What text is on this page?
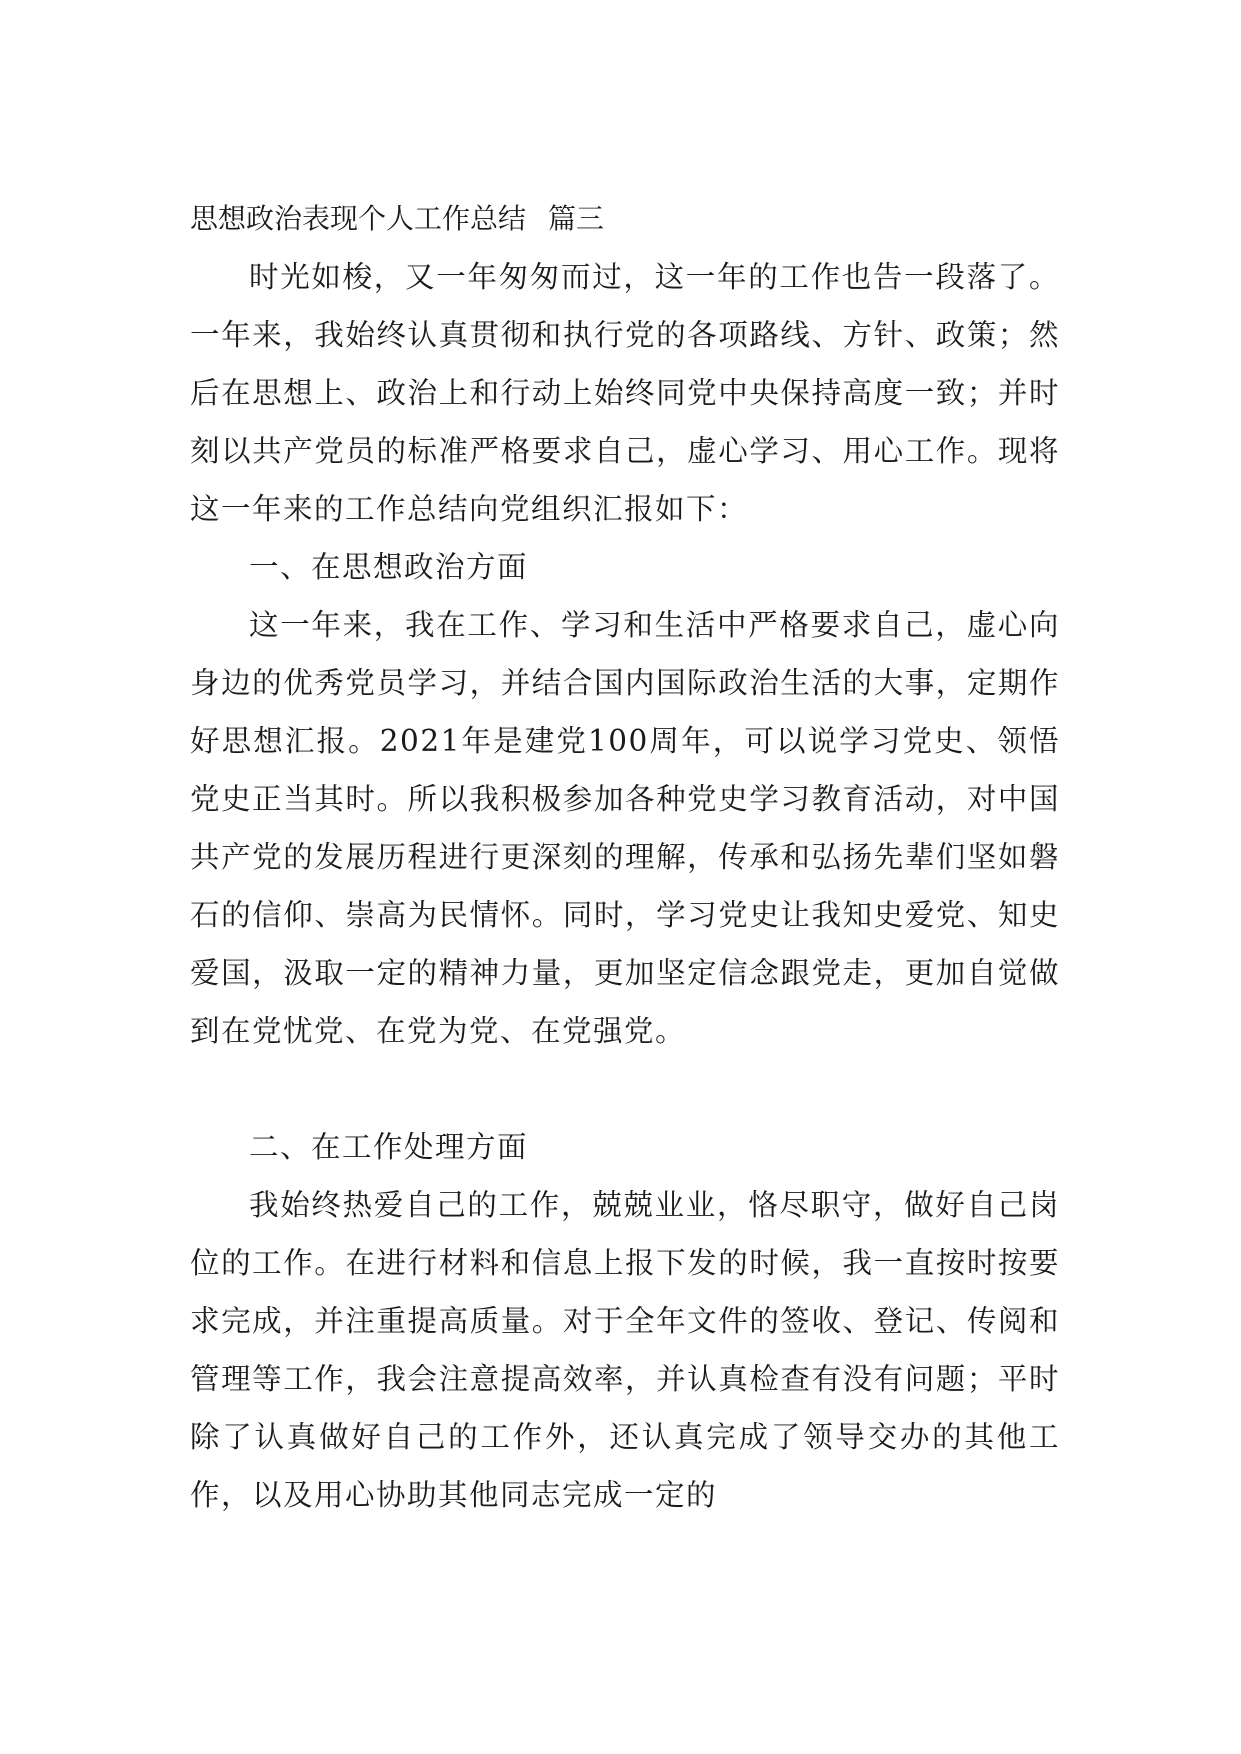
思想政治表现个人工作总结 篇三

时光如梭，又一年匆匆而过，这一年的工作也告一段落了。一年来，我始终认真贯彻和执行党的各项路线、方针、政策；然后在思想上、政治上和行动上始终同党中央保持高度一致；并时刻以共产党员的标准严格要求自己，虚心学习、用心工作。现将这一年来的工作总结向党组织汇报如下：

一、在思想政治方面

这一年来，我在工作、学习和生活中严格要求自己，虚心向身边的优秀党员学习，并结合国内国际政治生活的大事，定期作好思想汇报。2021年是建党100周年，可以说学习党史、领悟党史正当其时。所以我积极参加各种党史学习教育活动，对中国共产党的发展历程进行更深刻的理解，传承和弘扬先辈们坚如磐石的信仰、崇高为民情怀。同时，学习党史让我知史爱党、知史爱国，汲取一定的精神力量，更加坚定信念跟党走，更加自觉做到在党忧党、在党为党、在党强党。

二、在工作处理方面

我始终热爱自己的工作，兢兢业业，恪尽职守，做好自己岗位的工作。在进行材料和信息上报下发的时候，我一直按时按要求完成，并注重提高质量。对于全年文件的签收、登记、传阅和管理等工作，我会注意提高效率，并认真检查有没有问题；平时除了认真做好自己的工作外，还认真完成了领导交办的其他工作，以及用心协助其他同志完成一定的
